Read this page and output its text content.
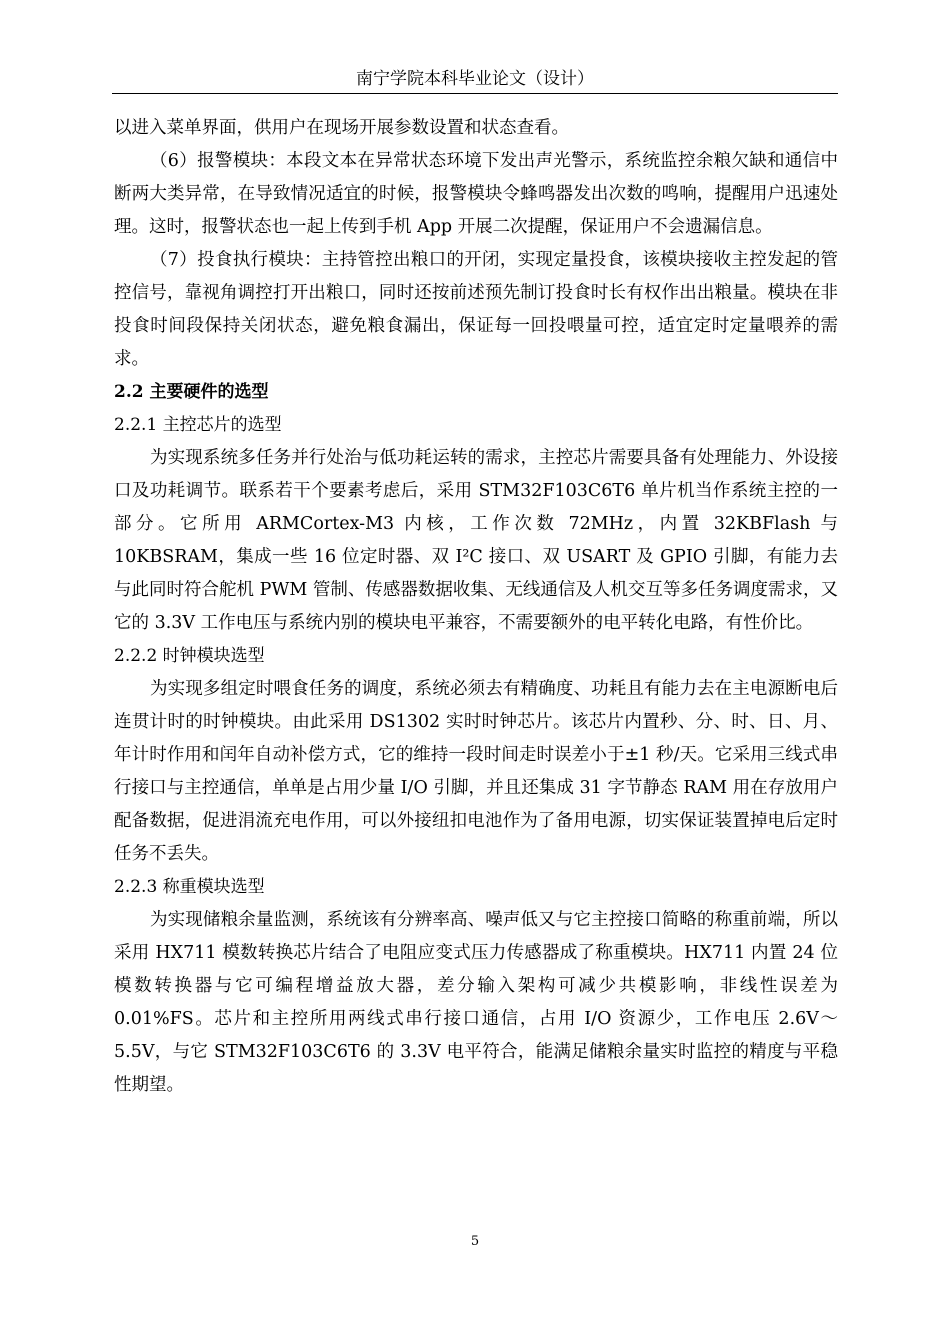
南宁学院本科毕业论文（设计）

以进入菜单界面，供用户在现场开展参数设置和状态查看。

（6）报警模块：本段文本在异常状态环境下发出声光警示，系统监控余粮欠缺和通信中断两大类异常，在导致情况适宜的时候，报警模块令蜂鸣器发出次数的鸣响，提醒用户迅速处理。这时，报警状态也一起上传到手机 App 开展二次提醒，保证用户不会遗漏信息。

（7）投食执行模块：主持管控出粮口的开闭，实现定量投食，该模块接收主控发起的管控信号，靠视角调控打开出粮口，同时还按前述预先制订投食时长有权作出出粮量。模块在非投食时间段保持关闭状态，避免粮食漏出，保证每一回投喂量可控，适宜定时定量喂养的需求。

2.2 主要硬件的选型
2.2.1 主控芯片的选型

为实现系统多任务并行处治与低功耗运转的需求，主控芯片需要具备有处理能力、外设接口及功耗调节。联系若干个要素考虑后，采用 STM32F103C6T6 单片机当作系统主控的一部分。它所用 ARMCortex-M3 内核，工作次数 72MHz，内置 32KBFlash 与 10KBSRAM，集成一些 16 位定时器、双 I²C 接口、双 USART 及 GPIO 引脚，有能力去与此同时符合舵机 PWM 管制、传感器数据收集、无线通信及人机交互等多任务调度需求，又它的 3.3V 工作电压与系统内别的模块电平兼容，不需要额外的电平转化电路，有性价比。

2.2.2 时钟模块选型

为实现多组定时喂食任务的调度，系统必须去有精确度、功耗且有能力去在主电源断电后连贯计时的时钟模块。由此采用 DS1302 实时时钟芯片。该芯片内置秒、分、时、日、月、年计时作用和闰年自动补偿方式，它的维持一段时间走时误差小于±1 秒/天。它采用三线式串行接口与主控通信，单单是占用少量 I/O 引脚，并且还集成 31 字节静态 RAM 用在存放用户配备数据，促进涓流充电作用，可以外接纽扣电池作为了备用电源，切实保证装置掉电后定时任务不丢失。

2.2.3 称重模块选型

为实现储粮余量监测，系统该有分辨率高、噪声低又与它主控接口简略的称重前端，所以采用 HX711 模数转换芯片结合了电阻应变式压力传感器成了称重模块。HX711 内置 24 位模数转换器与它可编程增益放大器，差分输入架构可减少共模影响，非线性误差为 0.01%FS。芯片和主控所用两线式串行接口通信，占用 I/O 资源少，工作电压 2.6V～5.5V，与它 STM32F103C6T6 的 3.3V 电平符合，能满足储粮余量实时监控的精度与平稳性期望。

5
